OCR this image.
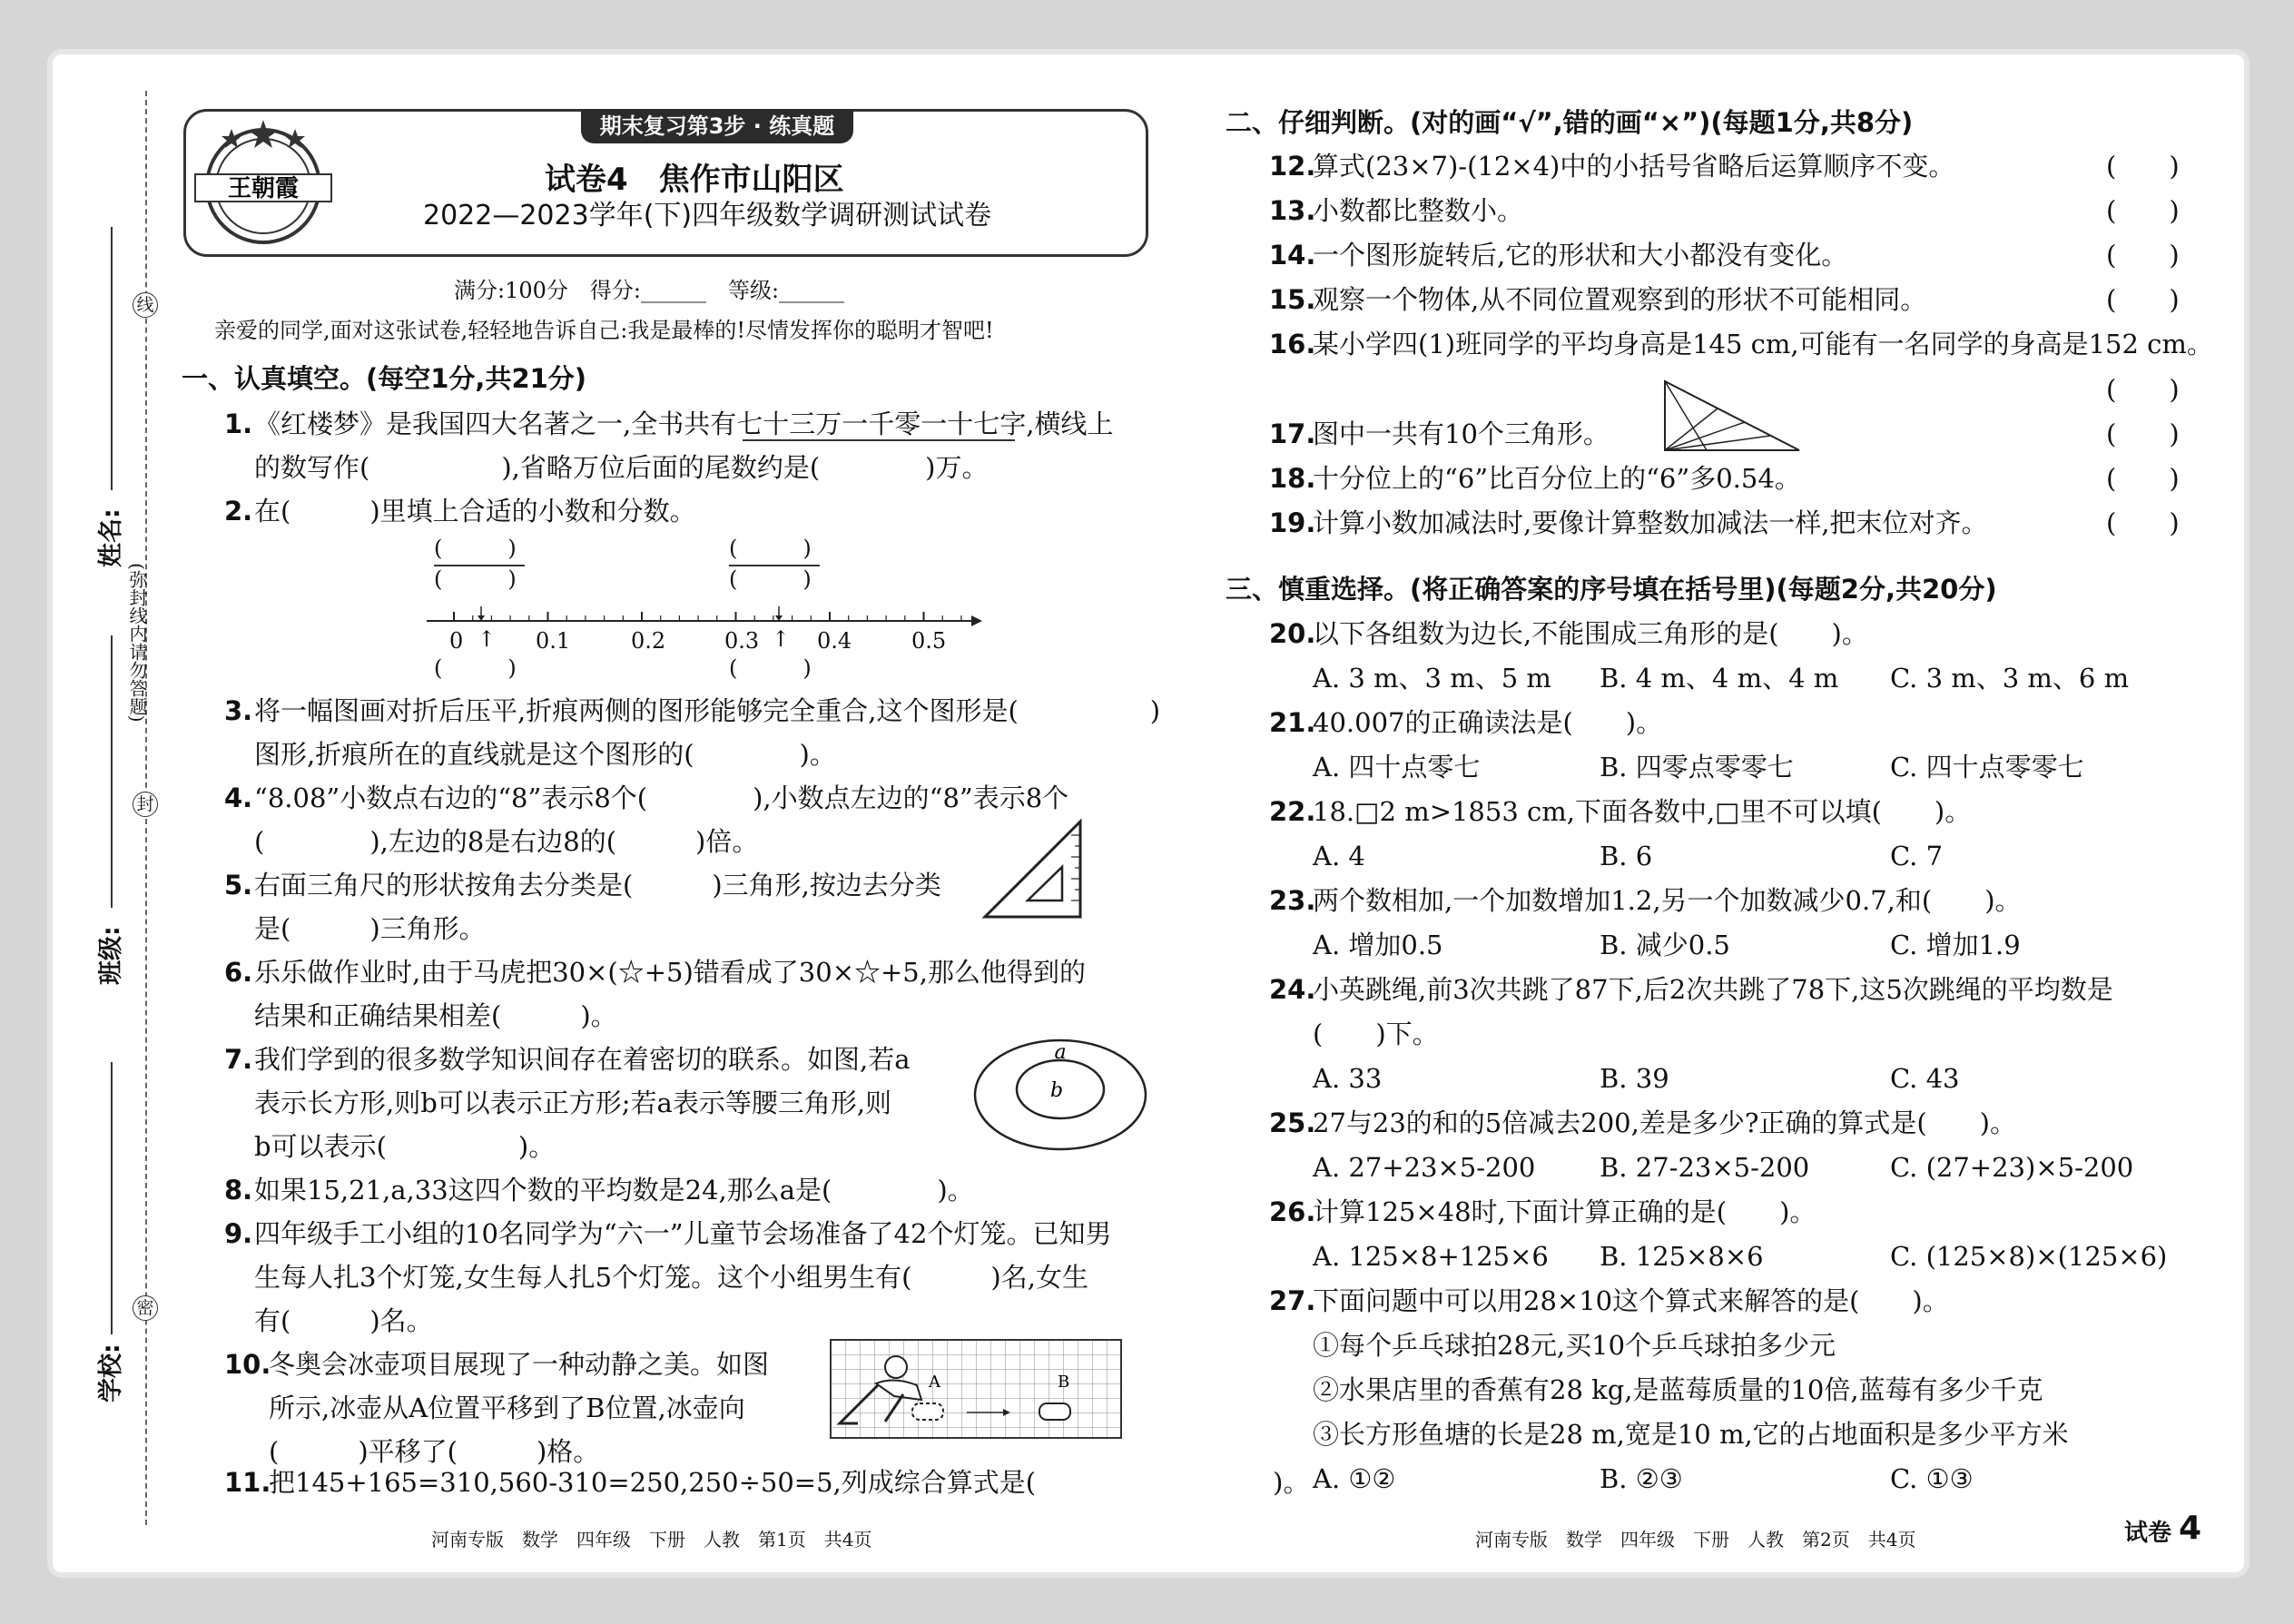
姓名:
班级:
学校:
线
封
密
(弥封线内请勿答题)
期末复习第3步 · 练真题
王朝霞	试卷4　焦作市山阳区
2022—2023学年(下)四年级数学调研测试试卷
满分:100分　得分:______　等级:______
亲爱的同学,面对这张试卷,轻轻地告诉自己:我是最棒的!尽情发挥你的聪明才智吧!
一、认真填空。(每空1分,共21分)
1. 《红楼梦》是我国四大名著之一,全书共有七十三万一千零一十七字,横线上
的数写作(　　　　　),省略万位后面的尾数约是(　　　　)万。
2. 在(　　　)里填上合适的小数和分数。
(　　　)
(　　　)
(　　　)
(　　　)
0 ↑ 0.1	0.2	0.3 ↑ 0.4	0.5
(　　　)	(　　　)
3. 将一幅图画对折后压平,折痕两侧的图形能够完全重合,这个图形是(　　　　　)
图形,折痕所在的直线就是这个图形的(　　　　)。
4. “8.08”小数点右边的“8”表示8个(　　　　),小数点左边的“8”表示8个
(　　　　),左边的8是右边8的(　　　)倍。
5. 右面三角尺的形状按角去分类是(　　　)三角形,按边去分类
是(　　　)三角形。
6. 乐乐做作业时,由于马虎把30×(☆+5)错看成了30×☆+5,那么他得到的
结果和正确结果相差(　　　)。
7. 我们学到的很多数学知识间存在着密切的联系。如图,若a
表示长方形,则b可以表示正方形;若a表示等腰三角形,则
b可以表示(　　　　　)。
a
b
8. 如果15,21,a,33这四个数的平均数是24,那么a是(　　　　)。
9. 四年级手工小组的10名同学为“六一”儿童节会场准备了42个灯笼。已知男
生每人扎3个灯笼,女生每人扎5个灯笼。这个小组男生有(　　　)名,女生
有(　　　)名。
10.
冬奥会冰壶项目展现了一种动静之美。如图
所示,冰壶从A位置平移到了B位置,冰壶向
(　　　)平移了(　　　)格。
A	B
11.
把145+165=310,560-310=250,250÷50=5,列成综合算式是(　　　　　　　　　)。
河南专版　数学　四年级　下册　人教　第1页　共4页
二、仔细判断。(对的画“√”,错的画“×”)(每题1分,共8分)
12.
算式(23×7)-(12×4)中的小括号省略后运算顺序不变。	(　　)
13.
小数都比整数小。	(　　)
14.
一个图形旋转后,它的形状和大小都没有变化。	(　　)
15.
观察一个物体,从不同位置观察到的形状不可能相同。	(　　)
16.
某小学四(1)班同学的平均身高是145 cm,可能有一名同学的身高是152 cm。
(　　)
17.
图中一共有10个三角形。	(　　)
18.
十分位上的“6”比百分位上的“6”多0.54。	(　　)
19.
计算小数加减法时,要像计算整数加减法一样,把末位对齐。	(　　)
三、慎重选择。(将正确答案的序号填在括号里)(每题2分,共20分)
20.
以下各组数为边长,不能围成三角形的是(　　)。
A. 3 m、3 m、5 m B. 4 m、4 m、4 m C. 3 m、3 m、6 m
21.
40.007的正确读法是(　　)。
A. 四十点零七	B. 四零点零零七	C. 四十点零零七
22.
18.□2 m>1853 cm,下面各数中,□里不可以填(　　)。
A. 4	B. 6	C. 7
23.
两个数相加,一个加数增加1.2,另一个加数减少0.7,和(　　)。
A. 增加0.5	B. 减少0.5	C. 增加1.9
24.
小英跳绳,前3次共跳了87下,后2次共跳了78下,这5次跳绳的平均数是
(　　)下。
A. 33	B. 39	C. 43
25.
27与23的和的5倍减去200,差是多少?正确的算式是(　　)。
A. 27+23×5-200 B. 27-23×5-200	C. (27+23)×5-200
26.
计算125×48时,下面计算正确的是(　　)。
A. 125×8+125×6 B. 125×8×6	C. (125×8)×(125×6)
27.
下面问题中可以用28×10这个算式来解答的是(　　)。
①每个乒乓球拍28元,买10个乒乓球拍多少元
②水果店里的香蕉有28 kg,是蓝莓质量的10倍,蓝莓有多少千克
③长方形鱼塘的长是28 m,宽是10 m,它的占地面积是多少平方米
A. ①②	B. ②③	C. ①③
河南专版　数学　四年级　下册　人教　第2页　共4页	试卷 4
